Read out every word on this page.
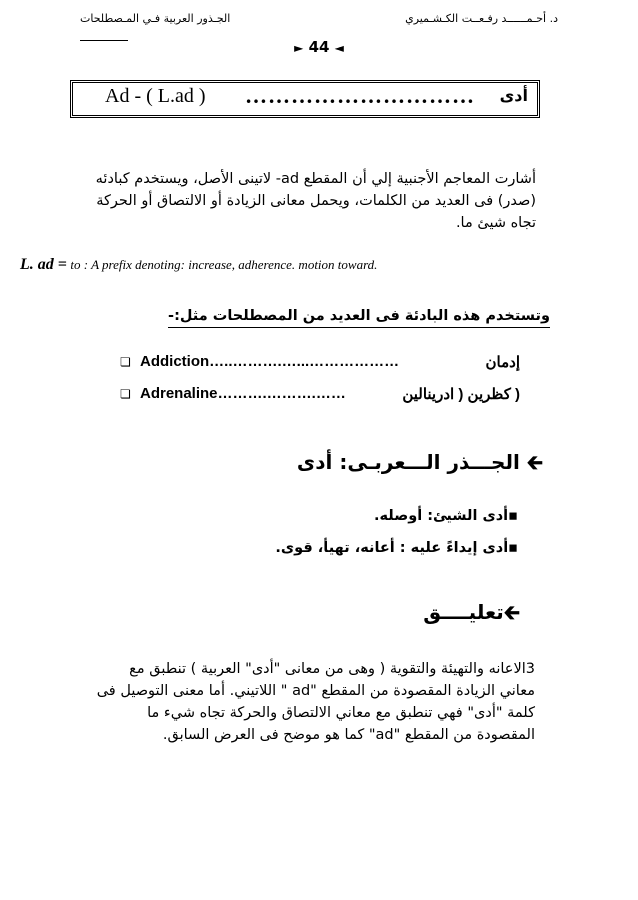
الجـذور العربية فـي المـصطلحات	د. أحـمــــــد رفـعــت الكـشـميري
► 44 ◄
Ad - ( L.ad ) ………………………… أدى
أشارت المعاجم الأجنبية إلي أن المقطع ad- لاتينى الأصل، ويستخدم كبادئه (صدر) فى العديد من الكلمات، ويحمل معانى الزيادة أو الالتصاق أو الحركة تجاه شيئ ما.
L. ad = to : A prefix denoting: increase, adherence. motion toward.
وتستخدم هذه البادئة فى العديد من المصطلحات مثل:-
❏ Addiction…..……….…...………………	إدمان
❏ Adrenaline……….……….……	( كظرين ( ادرينالين
🡰 الجـــذر الـــعربـى: أدى
▪أدى الشيئ: أوصله.
▪أدى إيداءً عليه : أعانه، تهيأ، قوى.
🡰تعليــــق
3الاعانه والتهيئة والتقوية ( وهى من معانى "أدى" العربية ) تنطبق مع معاني الزيادة المقصودة من المقطع "ad " اللاتيني. أما معنى التوصيل فى كلمة "أدى" فهي تنطبق مع معاني الالتصاق والحركة تجاه شيء ما المقصودة من المقطع "ad" كما هو موضح فى العرض السابق.
